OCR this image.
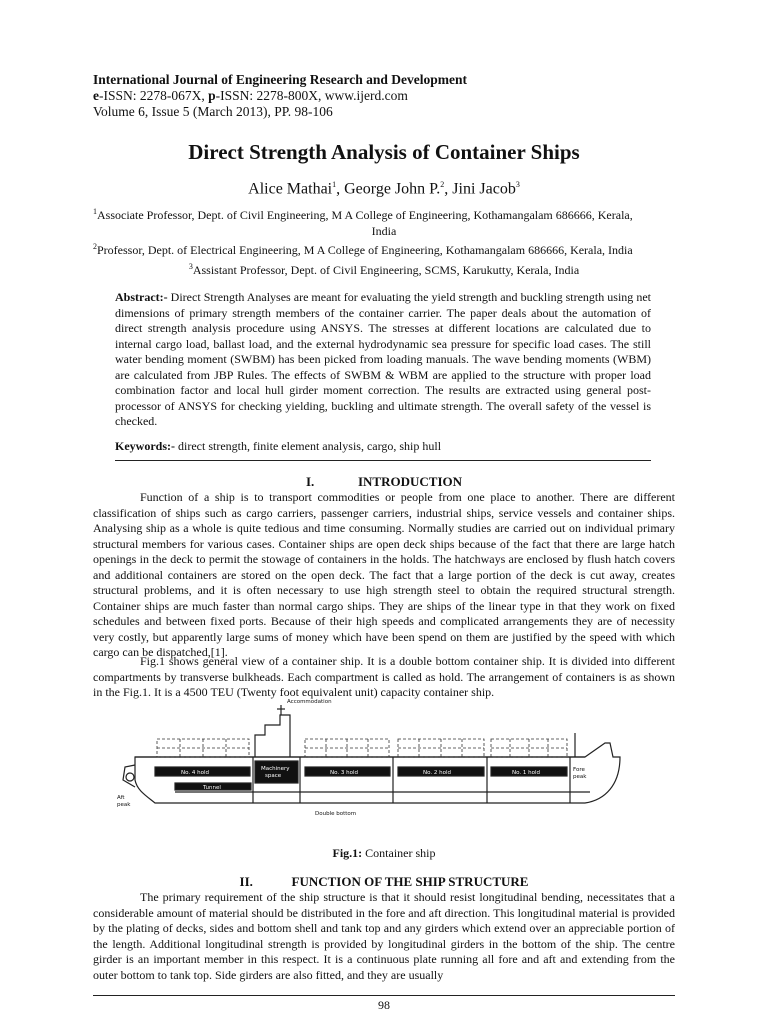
International Journal of Engineering Research and Development
e-ISSN: 2278-067X, p-ISSN: 2278-800X, www.ijerd.com
Volume 6, Issue 5 (March 2013), PP. 98-106
Direct Strength Analysis of Container Ships
Alice Mathai$^1$, George John P.$^2$, Jini Jacob$^3$
$^1$Associate Professor, Dept. of Civil Engineering, M A College of Engineering, Kothamangalam 686666, Kerala,
India
$^2$Professor, Dept. of Electrical Engineering, M A College of Engineering, Kothamangalam 686666, Kerala, India
$^3$Assistant Professor, Dept. of Civil Engineering, SCMS, Karukutty, Kerala, India

Abstract:- Direct Strength Analyses are meant for evaluating the yield strength and buckling strength using net dimensions of primary strength members of the container carrier. The paper deals about the automation of direct strength analysis procedure using ANSYS. The stresses at different locations are calculated due to internal cargo load, ballast load, and the external hydrodynamic sea pressure for specific load cases. The still water bending moment (SWBM) has been picked from loading manuals. The wave bending moments (WBM) are calculated from JBP Rules. The effects of SWBM & WBM are applied to the structure with proper load combination factor and local hull girder moment correction. The results are extracted using general post-processor of ANSYS for checking yielding, buckling and ultimate strength. The overall safety of the vessel is checked.

Keywords:- direct strength, finite element analysis, cargo, ship hull
I.	INTRODUCTION

Function of a ship is to transport commodities or people from one place to another. There are different classification of ships such as cargo carriers, passenger carriers, industrial ships, service vessels and container ships. Analysing ship as a whole is quite tedious and time consuming. Normally studies are carried out on individual primary structural members for various cases. Container ships are open deck ships because of the fact that there are large hatch openings in the deck to permit the stowage of containers in the holds. The hatchways are enclosed by flush hatch covers and additional containers are stored on the open deck. The fact that a large portion of the deck is cut away, creates structural problems, and it is often necessary to use high strength steel to obtain the required structural strength. Container ships are much faster than normal cargo ships. They are ships of the linear type in that they work on fixed schedules and between fixed ports. Because of their high speeds and complicated arrangements they are of necessity very costly, but apparently large sums of money which have been spend on them are justified by the speed with which cargo can be dispatched,[1].

Fig.1 shows general view of a container ship. It is a double bottom container ship. It is divided into different compartments by transverse bulkheads. Each compartment is called as hold. The arrangement of containers is as shown in the Fig.1. It is a 4500 TEU (Twenty foot equivalent unit) capacity container ship.

Accommodation
No. 4 hold
Machinery
space	No. 3 hold	No. 2 hold	No. 1 hold	Fore
peak
Tunnel
Aft
peak
Double bottom
Fig.1: Container ship
II.	FUNCTION OF THE SHIP STRUCTURE

The primary requirement of the ship structure is that it should resist longitudinal bending, necessitates that a considerable amount of material should be distributed in the fore and aft direction. This longitudinal material is provided by the plating of decks, sides and bottom shell and tank top and any girders which extend over an appreciable portion of the length. Additional longitudinal strength is provided by longitudinal girders in the bottom of the ship. The centre girder is an important member in this respect. It is a continuous plate running all fore and aft and extending from the outer bottom to tank top. Side girders are also fitted, and they are usually

98
